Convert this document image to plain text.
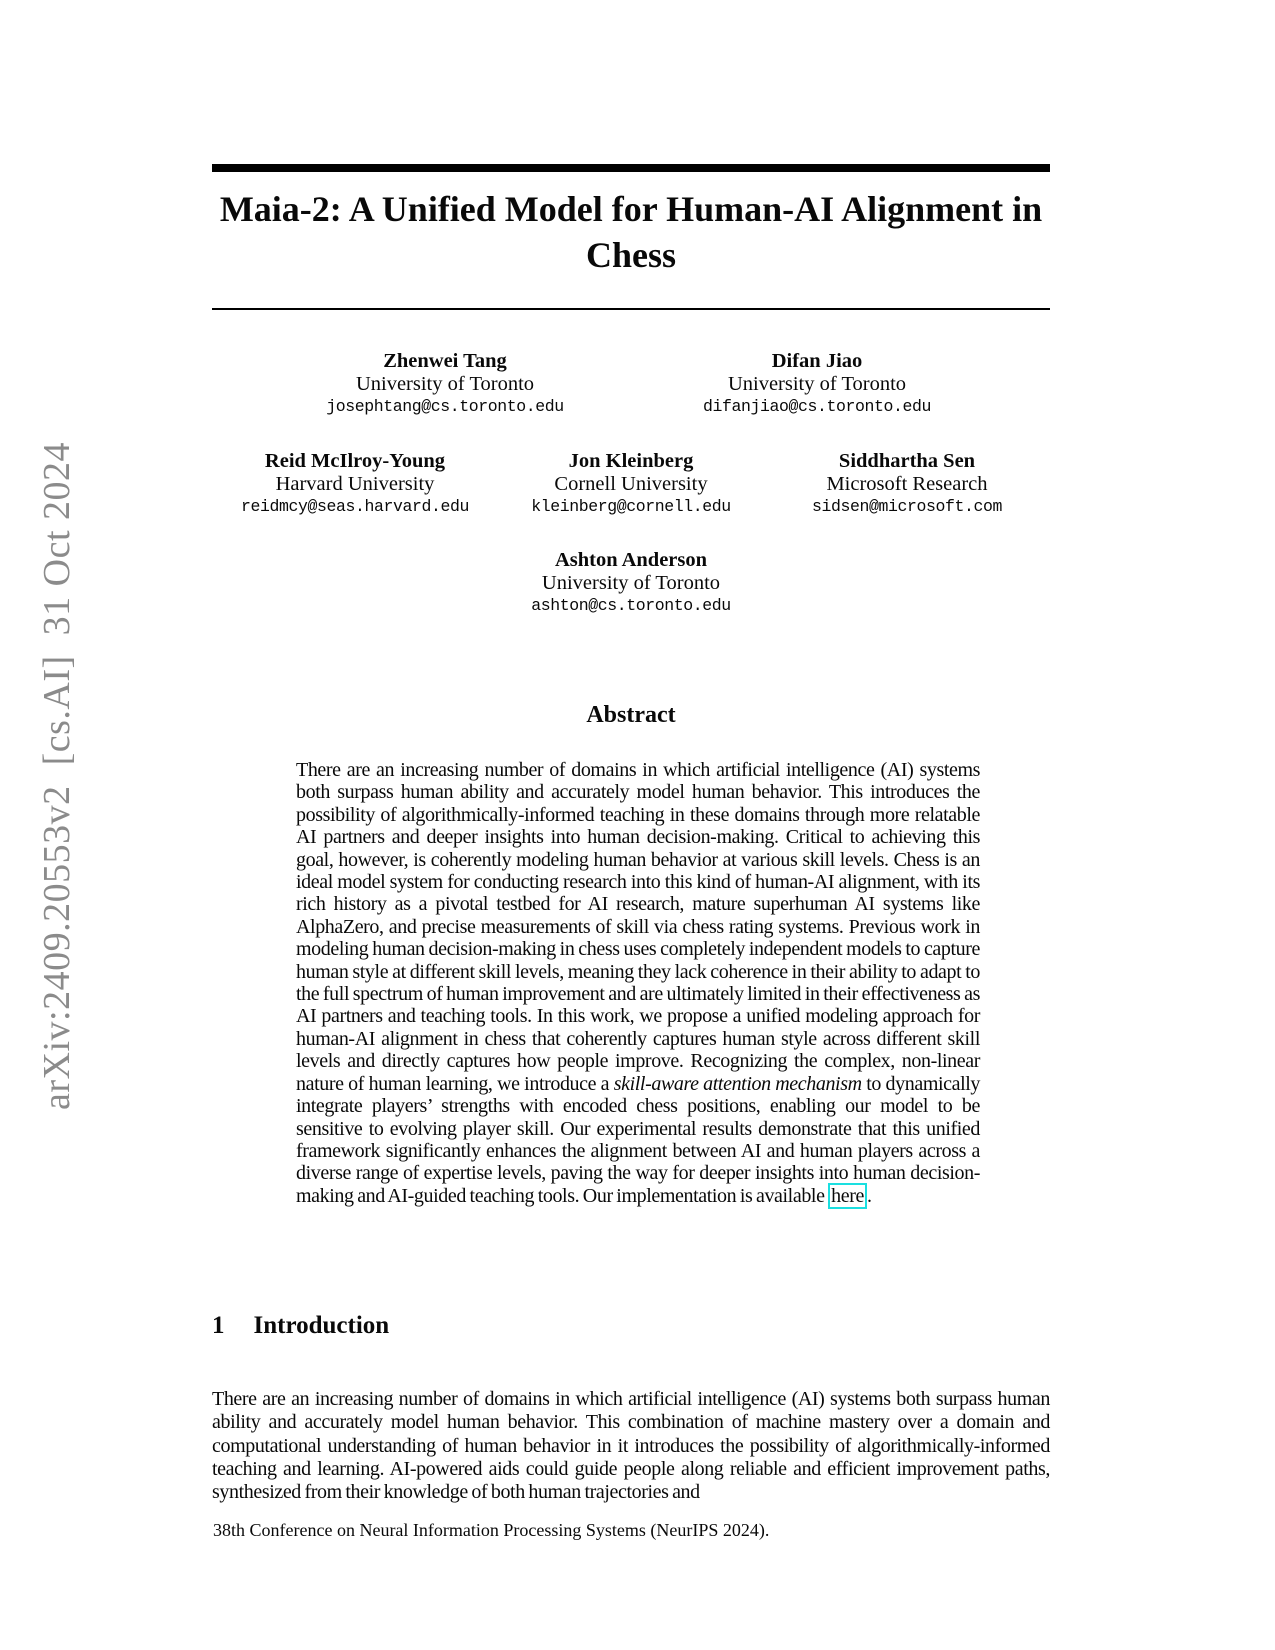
arXiv:2409.20553v2  [cs.AI]  31 Oct 2024
Maia-2: A Unified Model for Human-AI Alignment in
Chess
Zhenwei Tang
University of Toronto
josephtang@cs.toronto.edu
Difan Jiao
University of Toronto
difanjiao@cs.toronto.edu
Reid McIlroy-Young
Harvard University
reidmcy@seas.harvard.edu
Jon Kleinberg
Cornell University
kleinberg@cornell.edu
Siddhartha Sen
Microsoft Research
sidsen@microsoft.com
Ashton Anderson
University of Toronto
ashton@cs.toronto.edu
Abstract
There are an increasing number of domains in which artificial intelligence (AI) systems both surpass human ability and accurately model human behavior. This introduces the possibility of algorithmically-informed teaching in these domains through more relatable AI partners and deeper insights into human decision-making. Critical to achieving this goal, however, is coherently modeling human behavior at various skill levels. Chess is an ideal model system for conducting research into this kind of human-AI alignment, with its rich history as a pivotal testbed for AI research, mature superhuman AI systems like AlphaZero, and precise measurements of skill via chess rating systems. Previous work in modeling human decision-making in chess uses completely independent models to capture human style at different skill levels, meaning they lack coherence in their ability to adapt to the full spectrum of human improvement and are ultimately limited in their effectiveness as AI partners and teaching tools. In this work, we propose a unified modeling approach for human-AI alignment in chess that coherently captures human style across different skill levels and directly captures how people improve. Recognizing the complex, non-linear nature of human learning, we introduce a skill-aware attention mechanism to dynamically integrate players’ strengths with encoded chess positions, enabling our model to be sensitive to evolving player skill. Our experimental results demonstrate that this unified framework significantly enhances the alignment between AI and human players across a diverse range of expertise levels, paving the way for deeper insights into human decision-making and AI-guided teaching tools. Our implementation is available here .
1 Introduction
There are an increasing number of domains in which artificial intelligence (AI) systems both surpass human ability and accurately model human behavior. This combination of machine mastery over a domain and computational understanding of human behavior in it introduces the possibility of algorithmically-informed teaching and learning. AI-powered aids could guide people along reliable and efficient improvement paths, synthesized from their knowledge of both human trajectories and
38th Conference on Neural Information Processing Systems (NeurIPS 2024).
